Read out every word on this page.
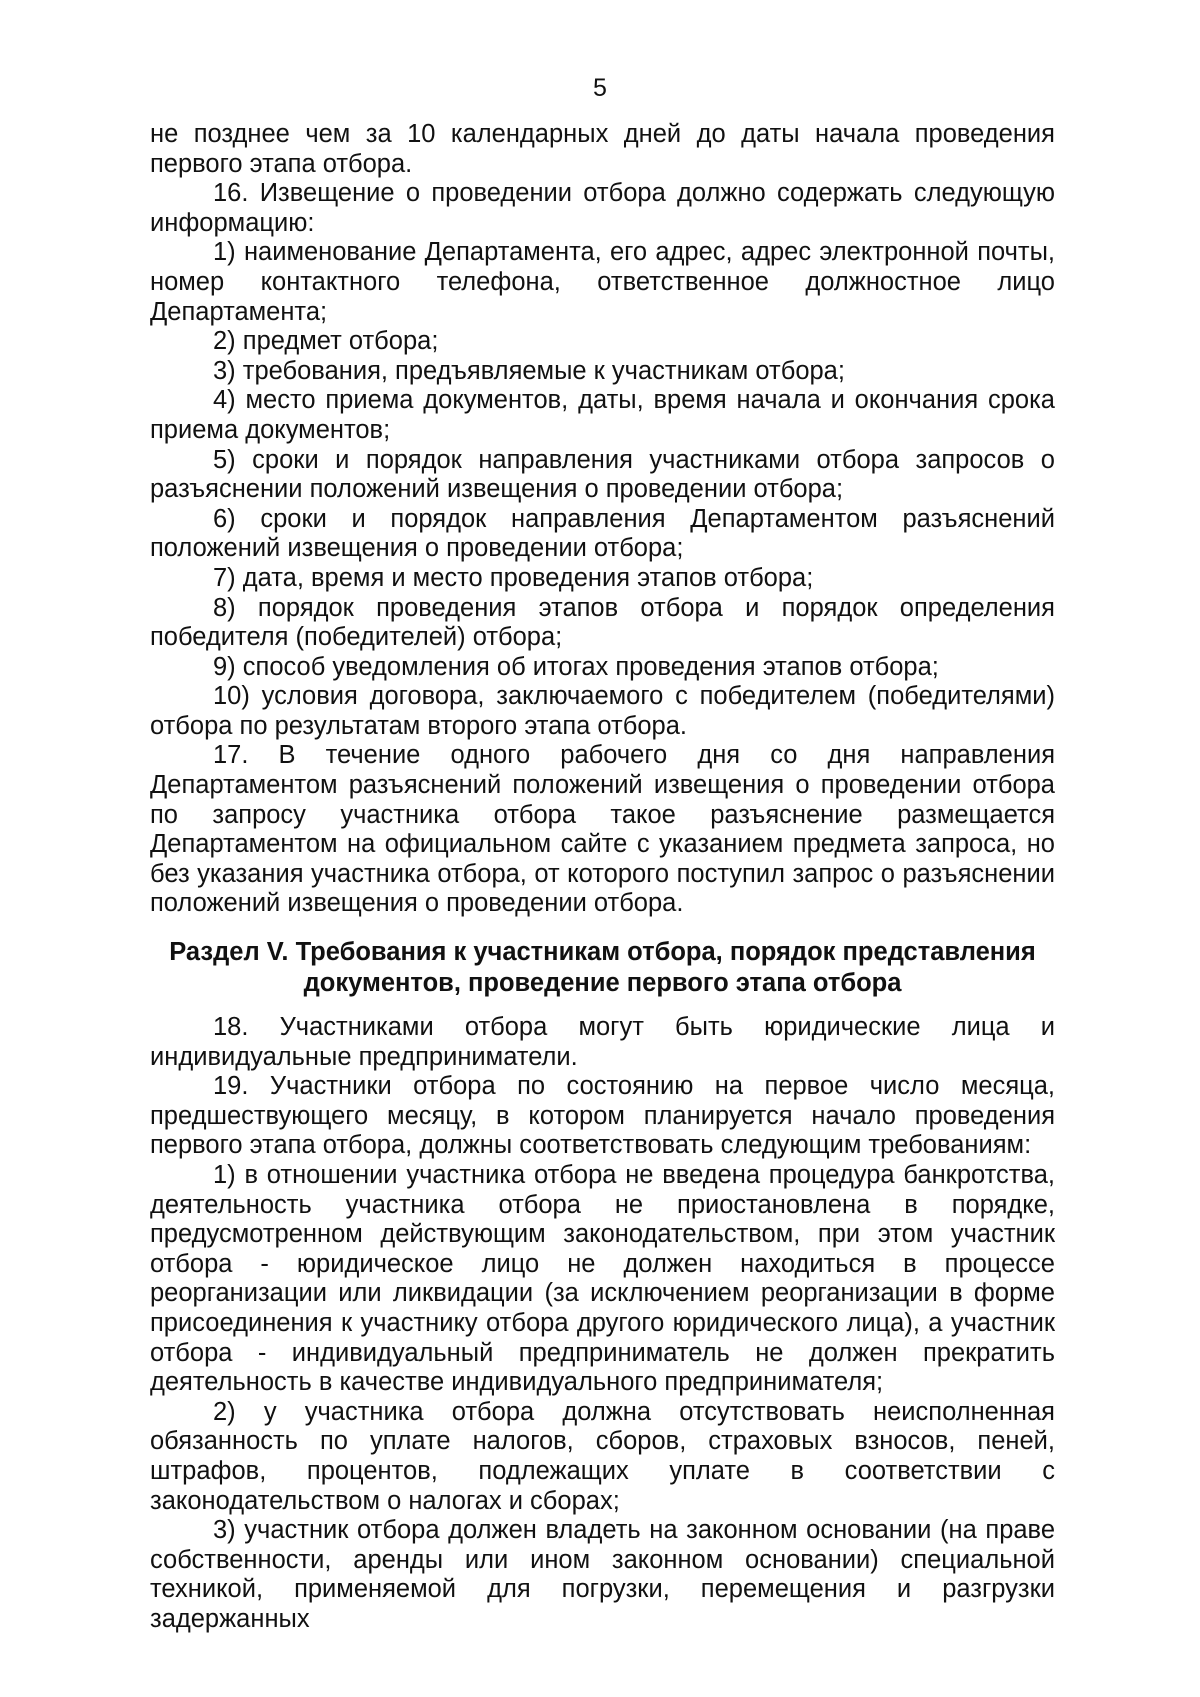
5

не позднее чем за 10 календарных дней до даты начала проведения первого этапа отбора.

16. Извещение о проведении отбора должно содержать следующую информацию:

1) наименование Департамента, его адрес, адрес электронной почты, номер контактного телефона, ответственное должностное лицо Департамента;

2) предмет отбора;

3) требования, предъявляемые к участникам отбора;

4) место приема документов, даты, время начала и окончания срока приема документов;

5) сроки и порядок направления участниками отбора запросов о разъяснении положений извещения о проведении отбора;

6) сроки и порядок направления Департаментом разъяснений положений извещения о проведении отбора;

7) дата, время и место проведения этапов отбора;

8) порядок проведения этапов отбора и порядок определения победителя (победителей) отбора;

9) способ уведомления об итогах проведения этапов отбора;

10) условия договора, заключаемого с победителем (победителями) отбора по результатам второго этапа отбора.

17. В течение одного рабочего дня со дня направления Департаментом разъяснений положений извещения о проведении отбора по запросу участника отбора такое разъяснение размещается Департаментом на официальном сайте с указанием предмета запроса, но без указания участника отбора, от которого поступил запрос о разъяснении положений извещения о проведении отбора.

Раздел V. Требования к участникам отбора, порядок представления
документов, проведение первого этапа отбора

18. Участниками отбора могут быть юридические лица и индивидуальные предприниматели.

19. Участники отбора по состоянию на первое число месяца, предшествующего месяцу, в котором планируется начало проведения первого этапа отбора, должны соответствовать следующим требованиям:

1) в отношении участника отбора не введена процедура банкротства, деятельность участника отбора не приостановлена в порядке, предусмотренном действующим законодательством, при этом участник отбора - юридическое лицо не должен находиться в процессе реорганизации или ликвидации (за исключением реорганизации в форме присоединения к участнику отбора другого юридического лица), а участник отбора - индивидуальный предприниматель не должен прекратить деятельность в качестве индивидуального предпринимателя;

2) у участника отбора должна отсутствовать неисполненная обязанность по уплате налогов, сборов, страховых взносов, пеней, штрафов, процентов, подлежащих уплате в соответствии с законодательством о налогах и сборах;

3) участник отбора должен владеть на законном основании (на праве собственности, аренды или ином законном основании) специальной техникой, применяемой для погрузки, перемещения и разгрузки задержанных
